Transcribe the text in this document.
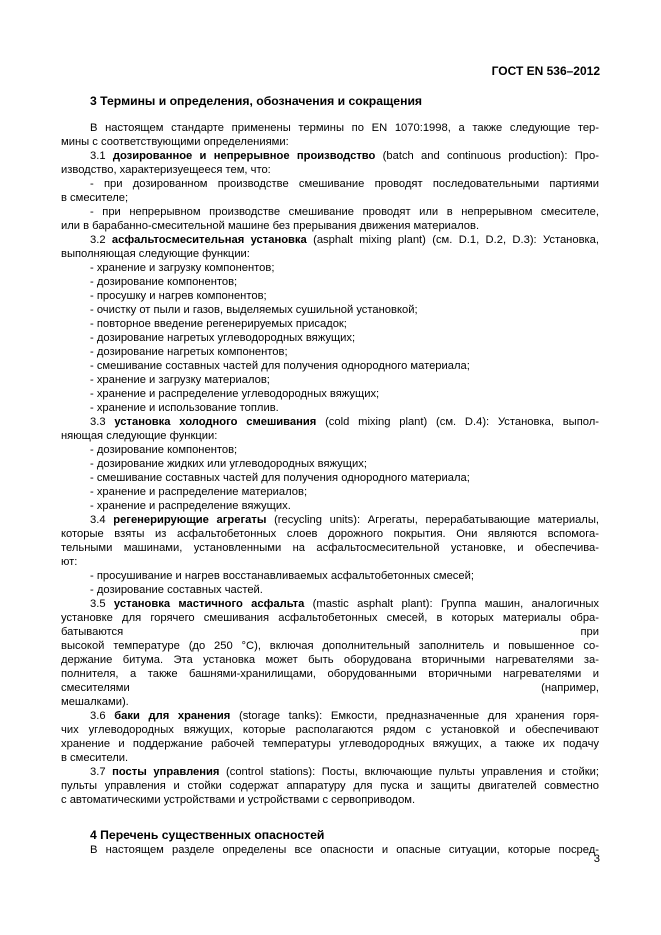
ГОСТ EN 536–2012
3 Термины и определения, обозначения и сокращения

В настоящем стандарте применены термины по EN 1070:1998, а также следующие тер-

мины с соответствующими определениями:

3.1 дозированное и непрерывное производство (batch and continuous production): Про-

изводство, характеризуещееся тем, что:

- при дозированном производстве смешивание проводят последовательными партиями

в смесителе;

- при непрерывном производстве смешивание проводят или в непрерывном смесителе,

или в барабанно-смесительной машине без прерывания движения материалов.

3.2 асфальтосмесительная установка (asphalt mixing plant) (см. D.1, D.2, D.3): Установка,

выполняющая следующие функции:

- хранение и загрузку компонентов;

- дозирование компонентов;

- просушку и нагрев компонентов;

- очистку от пыли и газов, выделяемых сушильной установкой;

- повторное введение регенерируемых присадок;

- дозирование нагретых углеводородных вяжущих;

- дозирование нагретых компонентов;

- смешивание составных частей для получения однородного материала;

- хранение и загрузку материалов;

- хранение и распределение углеводородных вяжущих;

- хранение и использование топлив.

3.3 установка холодного смешивания (cold mixing plant) (см. D.4): Установка, выпол-

няющая следующие функции:

- дозирование компонентов;

- дозирование жидких или углеводородных вяжущих;

- смешивание составных частей для получения однородного материала;

- хранение и распределение материалов;

- хранение и распределение вяжущих.

3.4 регенерирующие агрегаты (recycling units): Агрегаты, перерабатывающие материалы,

которые взяты из асфальтобетонных слоев дорожного покрытия. Они являются вспомога-

тельными машинами, установленными на асфальтосмесительной установке, и обеспечива-

ют:

- просушивание и нагрев восстанавливаемых асфальтобетонных смесей;

- дозирование составных частей.

3.5 установка мастичного асфальта (mastic asphalt plant): Группа машин, аналогичных

установке для горячего смешивания асфальтобетонных смесей, в которых материалы обра-

батываются при

высокой температуре (до 250 °С), включая дополнительный заполнитель и повышенное со-

держание битума. Эта установка может быть оборудована вторичными нагревателями за-

полнителя, а также башнями-хранилищами, оборудованными вторичными нагревателями и

смесителями (например,

мешалками).

3.6 баки для хранения (storage tanks): Емкости, предназначенные для хранения горя-

чих углеводородных вяжущих, которые располагаются рядом с установкой и обеспечивают

хранение и поддержание рабочей температуры углеводородных вяжущих, а также их подачу

в смесители.

3.7 посты управления (control stations): Посты, включающие пульты управления и стойки;

пульты управления и стойки содержат аппаратуру для пуска и защиты двигателей совместно

с автоматическими устройствами и устройствами с сервоприводом.

4 Перечень существенных опасностей

В настоящем разделе определены все опасности и опасные ситуации, которые посред-

3
